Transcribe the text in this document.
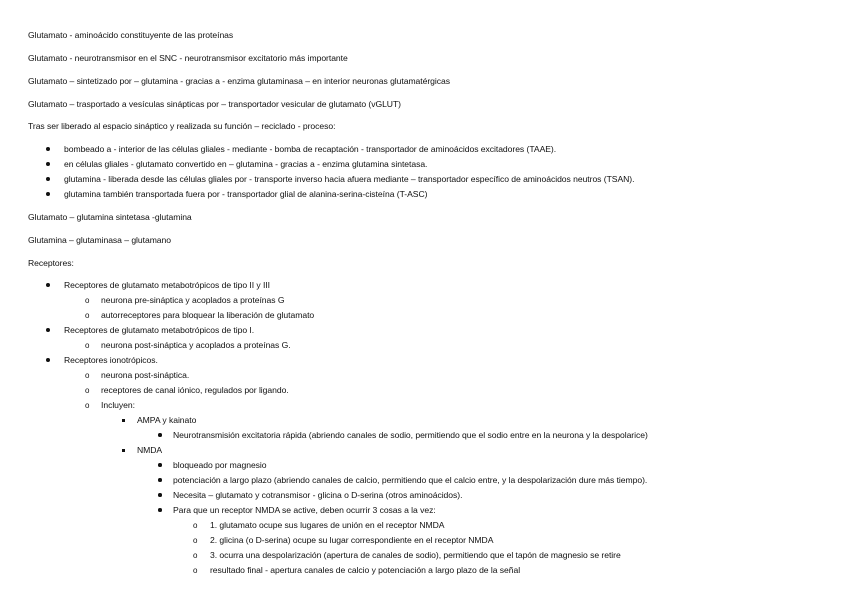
Glutamato - aminoácido constituyente de las proteínas
Glutamato - neurotransmisor en el SNC - neurotransmisor excitatorio más importante
Glutamato – sintetizado por – glutamina - gracias a - enzima glutaminasa – en interior neuronas glutamatérgicas
Glutamato – trasportado a vesículas sinápticas por – transportador vesicular de glutamato (vGLUT)
Tras ser liberado al espacio sináptico y realizada su función – reciclado - proceso:
bombeado a - interior de las células gliales - mediante - bomba de recaptación - transportador de aminoácidos excitadores (TAAE).
en células gliales - glutamato convertido en – glutamina - gracias a - enzima glutamina sintetasa.
glutamina - liberada desde las células gliales por - transporte inverso hacia afuera mediante – transportador específico de aminoácidos neutros (TSAN).
glutamina también transportada fuera por - transportador glial de alanina-serina-cisteína (T-ASC)
Glutamato – glutamina sintetasa -glutamina
Glutamina – glutaminasa – glutamano
Receptores:
Receptores de glutamato metabotrópicos de tipo II y III
o neurona pre-sináptica y acoplados a proteínas G
o autorreceptores para bloquear la liberación de glutamato
Receptores de glutamato metabotrópicos de tipo I.
o neurona post-sináptica y acoplados a proteínas G.
Receptores ionotrópicos.
o neurona post-sináptica.
o receptores de canal iónico, regulados por ligando.
o Incluyen:
AMPA y kainato
Neurotransmisión excitatoria rápida (abriendo canales de sodio, permitiendo que el sodio entre en la neurona y la despolarice)
NMDA
bloqueado por magnesio
potenciación a largo plazo (abriendo canales de calcio, permitiendo que el calcio entre, y la despolarización dure más tiempo).
Necesita – glutamato y cotransmisor - glicina o D-serina (otros aminoácidos).
Para que un receptor NMDA se active, deben ocurrir 3 cosas a la vez:
o 1. glutamato ocupe sus lugares de unión en el receptor NMDA
o 2. glicina (o D-serina) ocupe su lugar correspondiente en el receptor NMDA
o 3. ocurra una despolarización (apertura de canales de sodio), permitiendo que el tapón de magnesio se retire
o resultado final - apertura canales de calcio y potenciación a largo plazo de la señal
